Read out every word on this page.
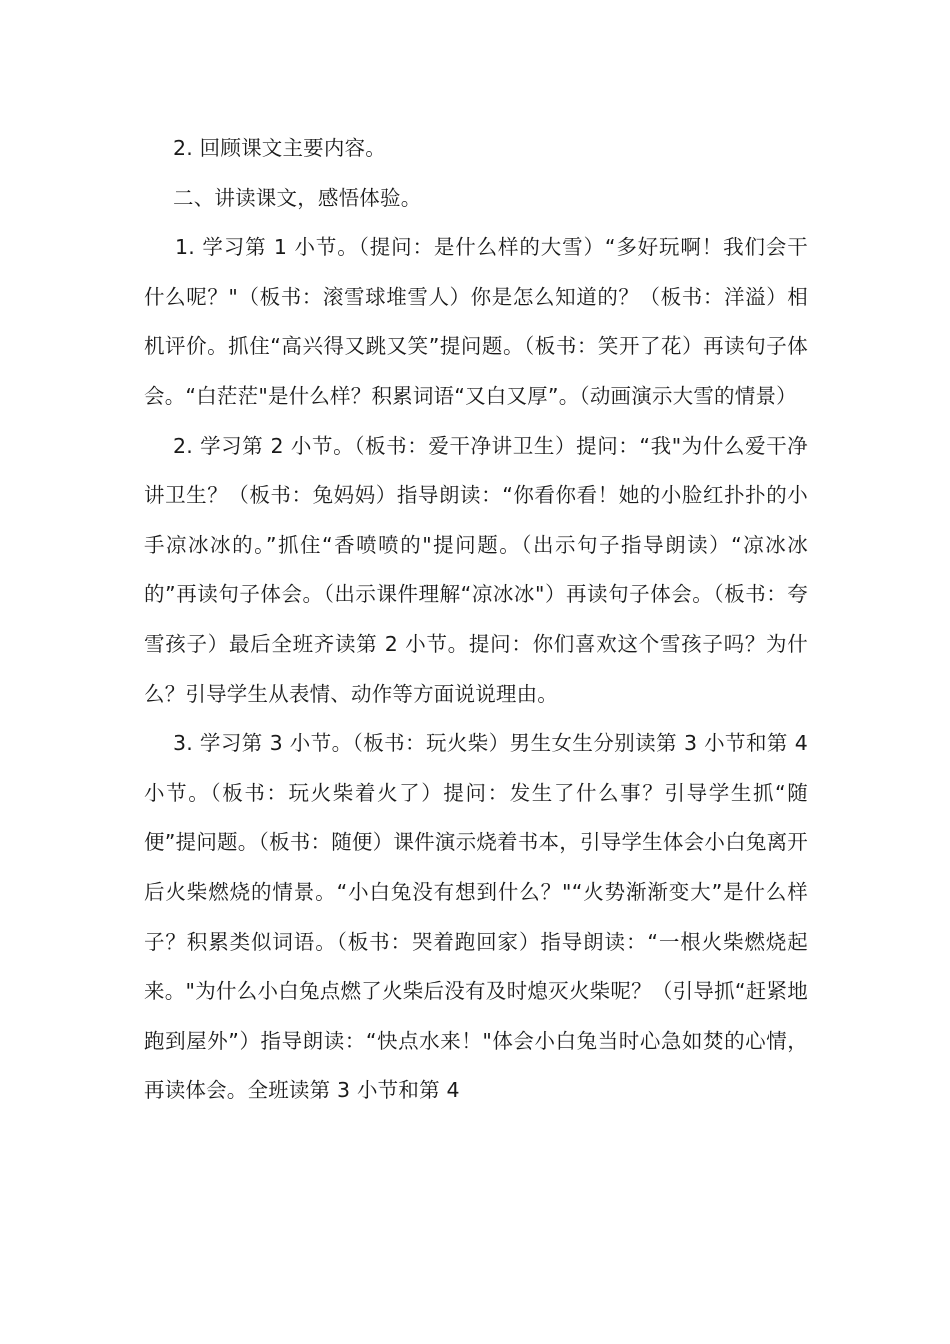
2. 回顾课文主要内容。

二、讲读课文，感悟体验。

1. 学习第 1 小节。（提问：是什么样的大雪）“多好玩啊！我们会干什么呢？"（板书：滚雪球堆雪人）你是怎么知道的？（板书：洋溢）相机评价。抓住“高兴得又跳又笑”提问题。（板书：笑开了花）再读句子体会。“白茫茫"是什么样？积累词语“又白又厚”。（动画演示大雪的情景）

2. 学习第 2 小节。（板书：爱干净讲卫生）提问：“我"为什么爱干净讲卫生？（板书：兔妈妈）指导朗读：“你看你看！她的小脸红扑扑的小手凉冰冰的。”抓住“香喷喷的"提问题。（出示句子指导朗读）“凉冰冰的”再读句子体会。（出示课件理解“凉冰冰"）再读句子体会。（板书：夸雪孩子）最后全班齐读第 2 小节。提问：你们喜欢这个雪孩子吗？为什么？引导学生从表情、动作等方面说说理由。

3. 学习第 3 小节。（板书：玩火柴）男生女生分别读第 3 小节和第 4 小节。（板书：玩火柴着火了）提问：发生了什么事？引导学生抓“随便”提问题。（板书：随便）课件演示烧着书本，引导学生体会小白兔离开后火柴燃烧的情景。“小白兔没有想到什么？"“火势渐渐变大”是什么样子？积累类似词语。（板书：哭着跑回家）指导朗读：“一根火柴燃烧起来。"为什么小白兔点燃了火柴后没有及时熄灭火柴呢？（引导抓“赶紧地跑到屋外”）指导朗读：“快点水来！"体会小白兔当时心急如焚的心情，再读体会。全班读第 3 小节和第 4
